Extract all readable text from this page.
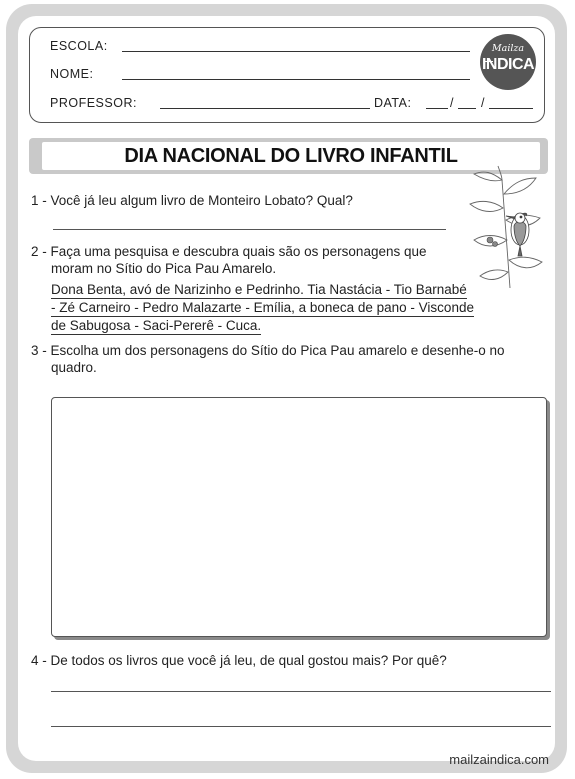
ESCOLA:
NOME:
PROFESSOR:	DATA:	/ /
Mailza
INDICA
DIA NACIONAL DO LIVRO INFANTIL
1 - Você já leu algum livro de Monteiro Lobato? Qual?
2 - Faça uma pesquisa e descubra quais são os personagens que
moram no Sítio do Pica Pau Amarelo.
Dona Benta, avó de Narizinho e Pedrinho. Tia Nastácia - Tio Barnabé
- Zé Carneiro - Pedro Malazarte - Emília, a boneca de pano - Visconde
de Sabugosa - Saci-Pererê - Cuca.
3 - Escolha um dos personagens do Sítio do Pica Pau amarelo e desenhe-o no
quadro.
4 - De todos os livros que você já leu, de qual gostou mais? Por quê?
mailzaindica.com
